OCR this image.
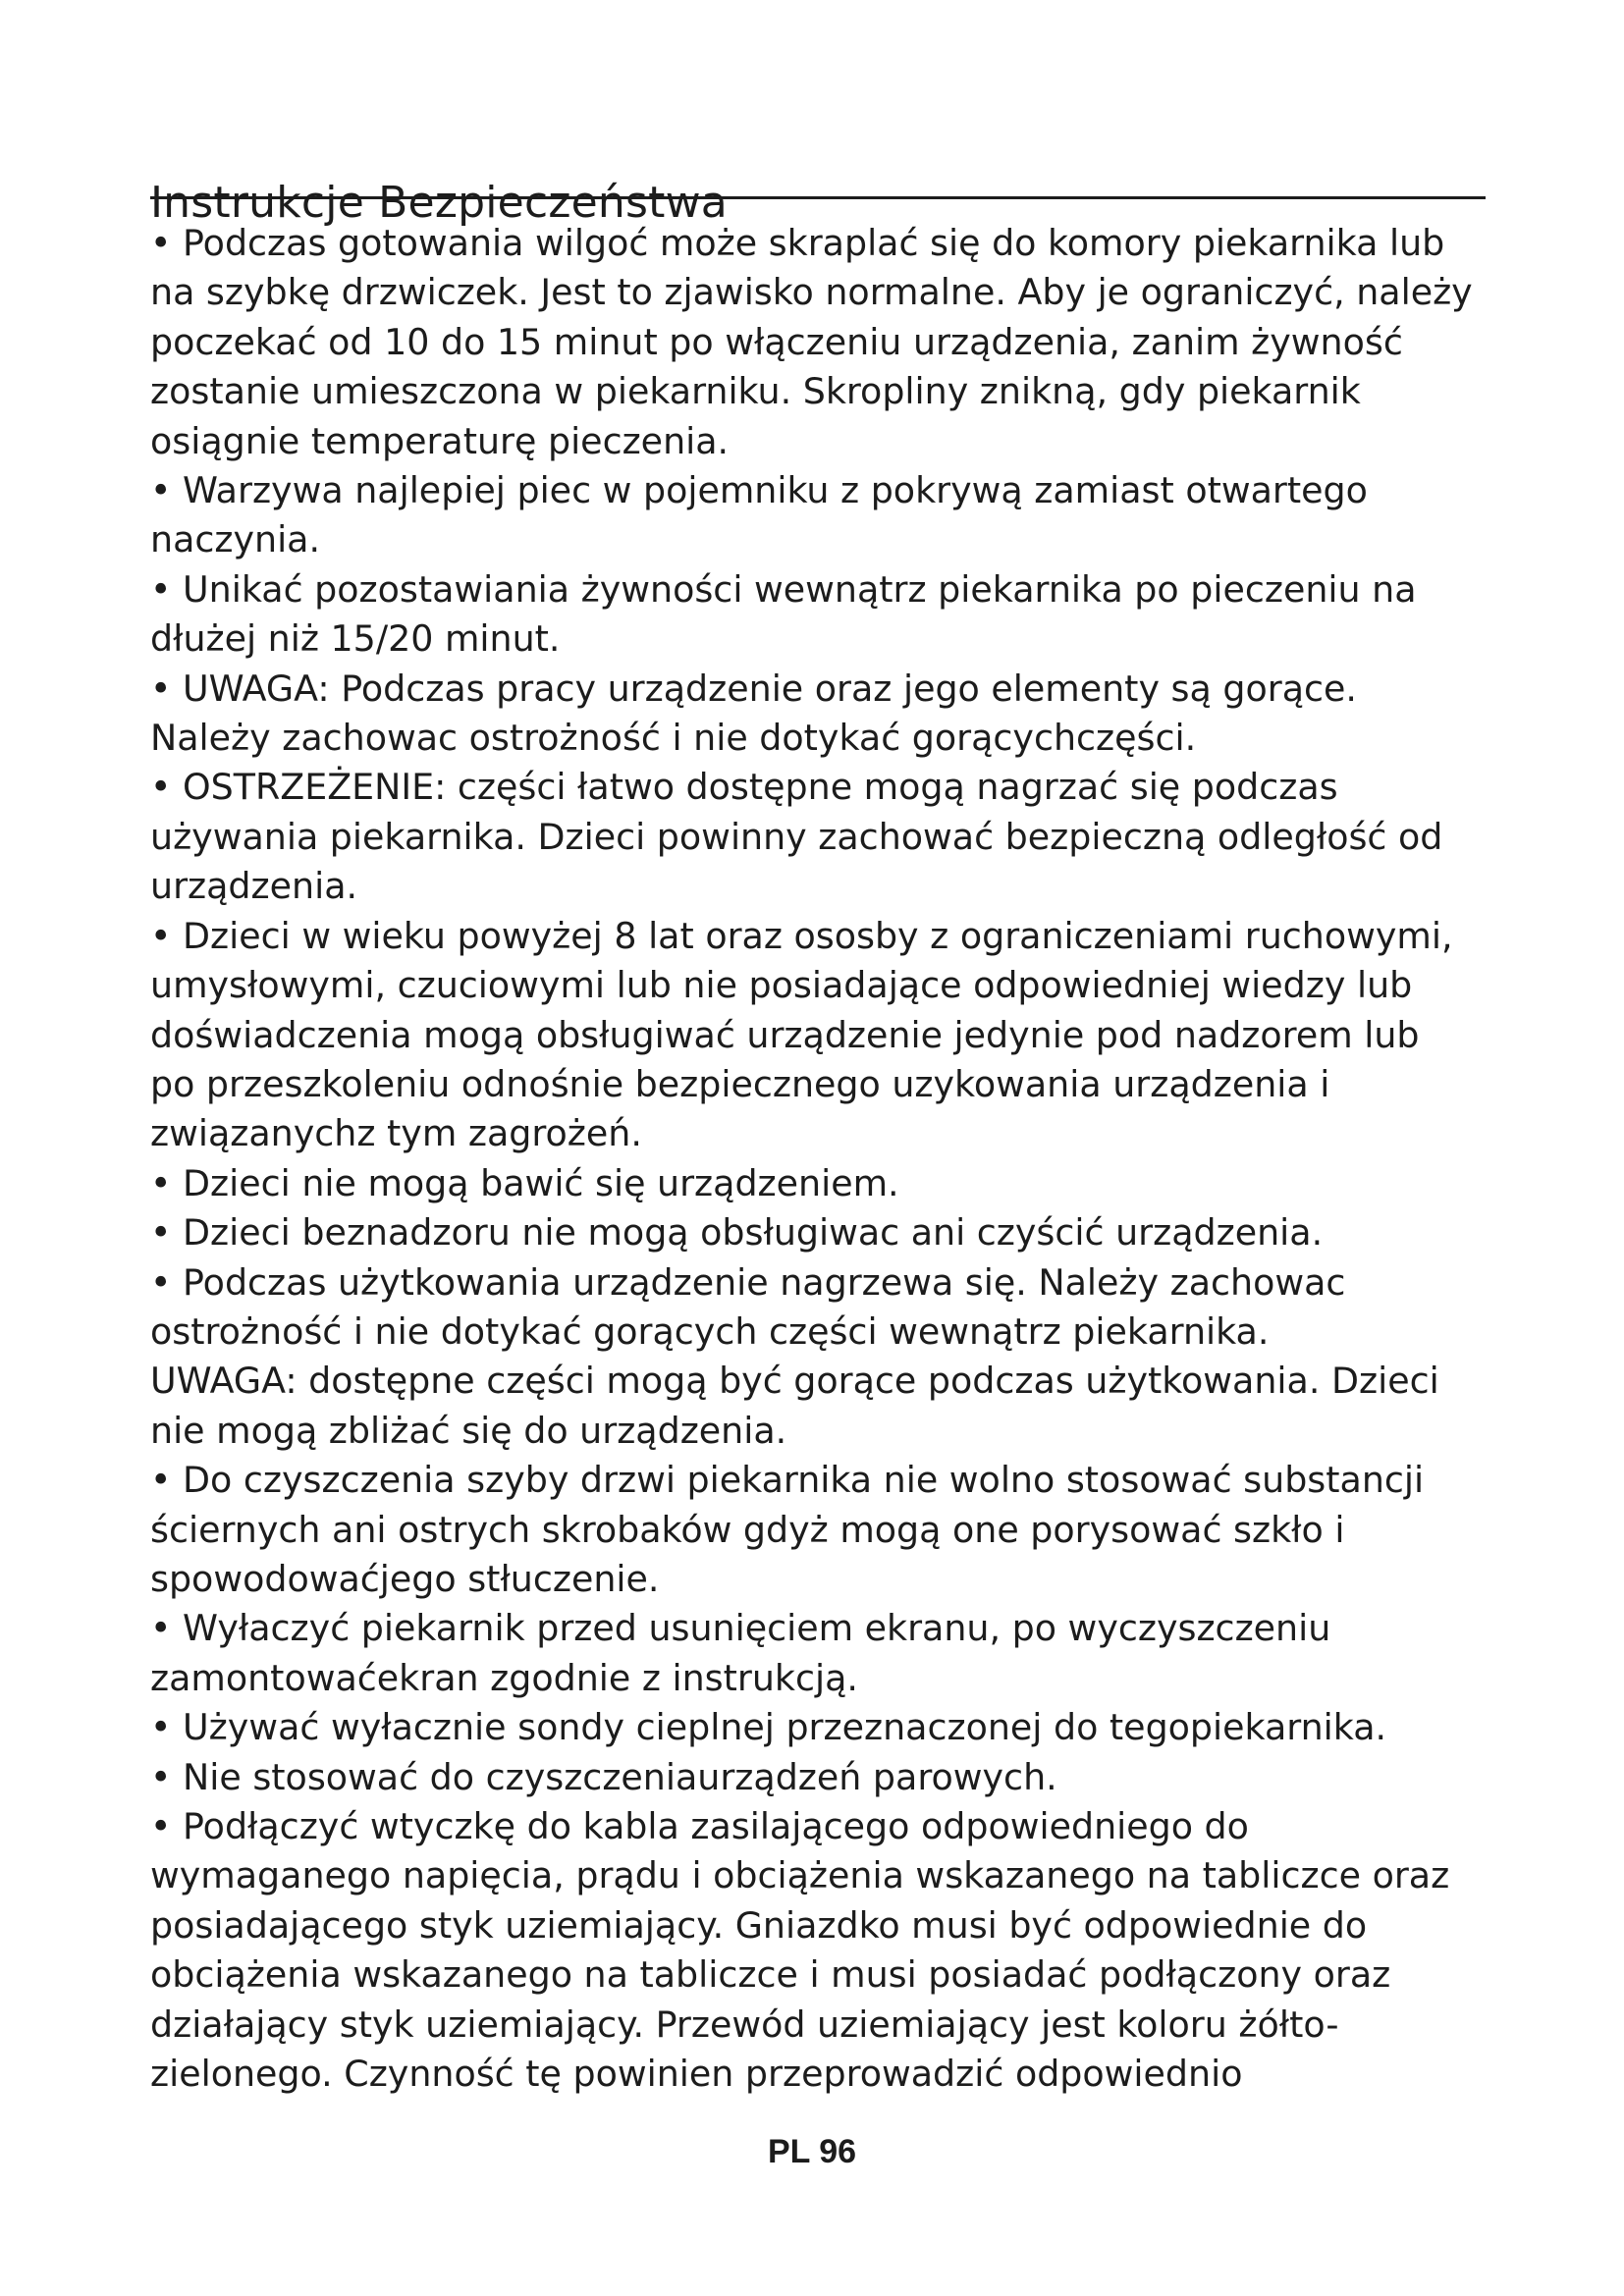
Instrukcje Bezpieczeństwa

• Podczas gotowania wilgoć może skraplać się do komory piekarnika lub
na szybkę drzwiczek. Jest to zjawisko normalne. Aby je ograniczyć, należy
poczekać od 10 do 15 minut po włączeniu urządzenia, zanim żywność
zostanie umieszczona w piekarniku. Skropliny znikną, gdy piekarnik
osiągnie temperaturę pieczenia.

• Warzywa najlepiej piec w pojemniku z pokrywą zamiast otwartego
naczynia.

• Unikać pozostawiania żywności wewnątrz piekarnika po pieczeniu na
dłużej niż 15/20 minut.

• UWAGA: Podczas pracy urządzenie oraz jego elementy są gorące.
Należy zachowac ostrożność i nie dotykać gorącychczęści.

• OSTRZEŻENIE: części łatwo dostępne mogą nagrzać się podczas
używania piekarnika. Dzieci powinny zachować bezpieczną odległość od
urządzenia.

• Dzieci w wieku powyżej 8 lat oraz ososby z ograniczeniami ruchowymi,
umysłowymi, czuciowymi lub nie posiadające odpowiedniej wiedzy lub
doświadczenia mogą obsługiwać urządzenie jedynie pod nadzorem lub
po przeszkoleniu odnośnie bezpiecznego uzykowania urządzenia i
związanychz tym zagrożeń.

• Dzieci nie mogą bawić się urządzeniem.

• Dzieci beznadzoru nie mogą obsługiwac ani czyścić urządzenia.

• Podczas użytkowania urządzenie nagrzewa się. Należy zachowac
ostrożność i nie dotykać gorących części wewnątrz piekarnika.
UWAGA: dostępne części mogą być gorące podczas użytkowania. Dzieci
nie mogą zbliżać się do urządzenia.

• Do czyszczenia szyby drzwi piekarnika nie wolno stosować substancji
ściernych ani ostrych skrobaków gdyż mogą one porysować szkło i
spowodowaćjego stłuczenie.

• Wyłaczyć piekarnik przed usunięciem ekranu, po wyczyszczeniu
zamontowaćekran zgodnie z instrukcją.

• Używać wyłacznie sondy cieplnej przeznaczonej do tegopiekarnika.

• Nie stosować do czyszczeniaurządzeń parowych.

• Podłączyć wtyczkę do kabla zasilającego odpowiedniego do
wymaganego napięcia, prądu i obciążenia wskazanego na tabliczce oraz
posiadającego styk uziemiający. Gniazdko musi być odpowiednie do
obciążenia wskazanego na tabliczce i musi posiadać podłączony oraz
działający styk uziemiający. Przewód uziemiający jest koloru żółto-
zielonego. Czynność tę powinien przeprowadzić odpowiednio

PL 96
